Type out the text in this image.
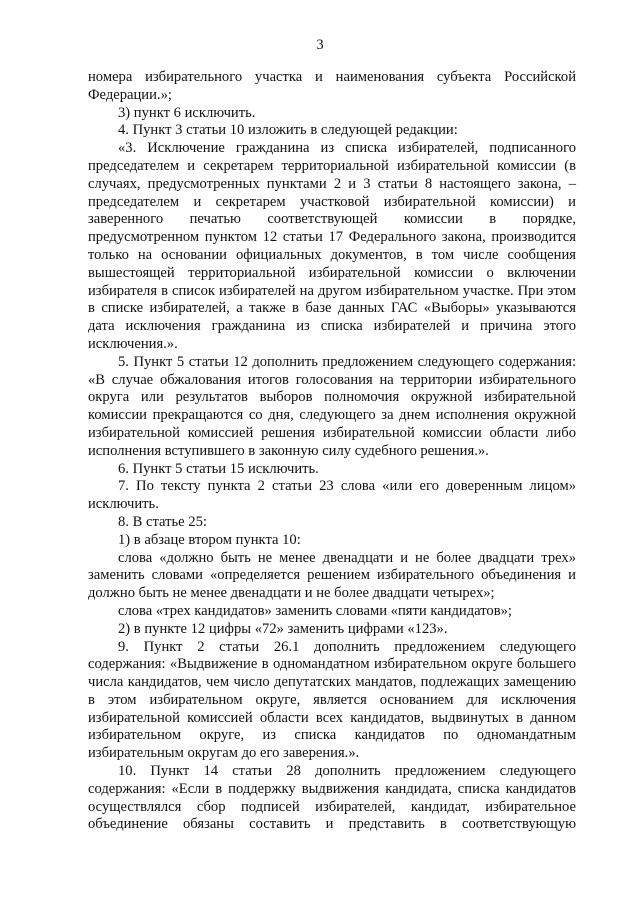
3

номера избирательного участка и наименования субъекта Российской Федерации.»;

3) пункт 6 исключить.

4. Пункт 3 статьи 10 изложить в следующей редакции:

«3. Исключение гражданина из списка избирателей, подписанного председателем и секретарем территориальной избирательной комиссии (в случаях, предусмотренных пунктами 2 и 3 статьи 8 настоящего закона, – председателем и секретарем участковой избирательной комиссии) и заверенного печатью соответствующей комиссии в порядке, предусмотренном пунктом 12 статьи 17 Федерального закона, производится только на основании официальных документов, в том числе сообщения вышестоящей территориальной избирательной комиссии о включении избирателя в список избирателей на другом избирательном участке. При этом в списке избирателей, а также в базе данных ГАС «Выборы» указываются дата исключения гражданина из списка избирателей и причина этого исключения.».

5. Пункт 5 статьи 12 дополнить предложением следующего содержания: «В случае обжалования итогов голосования на территории избирательного округа или результатов выборов полномочия окружной избирательной комиссии прекращаются со дня, следующего за днем исполнения окружной избирательной комиссией решения избирательной комиссии области либо исполнения вступившего в законную силу судебного решения.».

6. Пункт 5 статьи 15 исключить.

7. По тексту пункта 2 статьи 23 слова «или его доверенным лицом» исключить.

8. В статье 25:

1) в абзаце втором пункта 10:

слова «должно быть не менее двенадцати и не более двадцати трех» заменить словами «определяется решением избирательного объединения и должно быть не менее двенадцати и не более двадцати четырех»;

слова «трех кандидатов» заменить словами «пяти кандидатов»;

2) в пункте 12 цифры «72» заменить цифрами «123».

9. Пункт 2 статьи 26.1 дополнить предложением следующего содержания: «Выдвижение в одномандатном избирательном округе большего числа кандидатов, чем число депутатских мандатов, подлежащих замещению в этом избирательном округе, является основанием для исключения избирательной комиссией области всех кандидатов, выдвинутых в данном избирательном округе, из списка кандидатов по одномандатным избирательным округам до его заверения.».

10. Пункт 14 статьи 28 дополнить предложением следующего содержания: «Если в поддержку выдвижения кандидата, списка кандидатов осуществлялся сбор подписей избирателей, кандидат, избирательное объединение обязаны составить и представить в соответствующую
